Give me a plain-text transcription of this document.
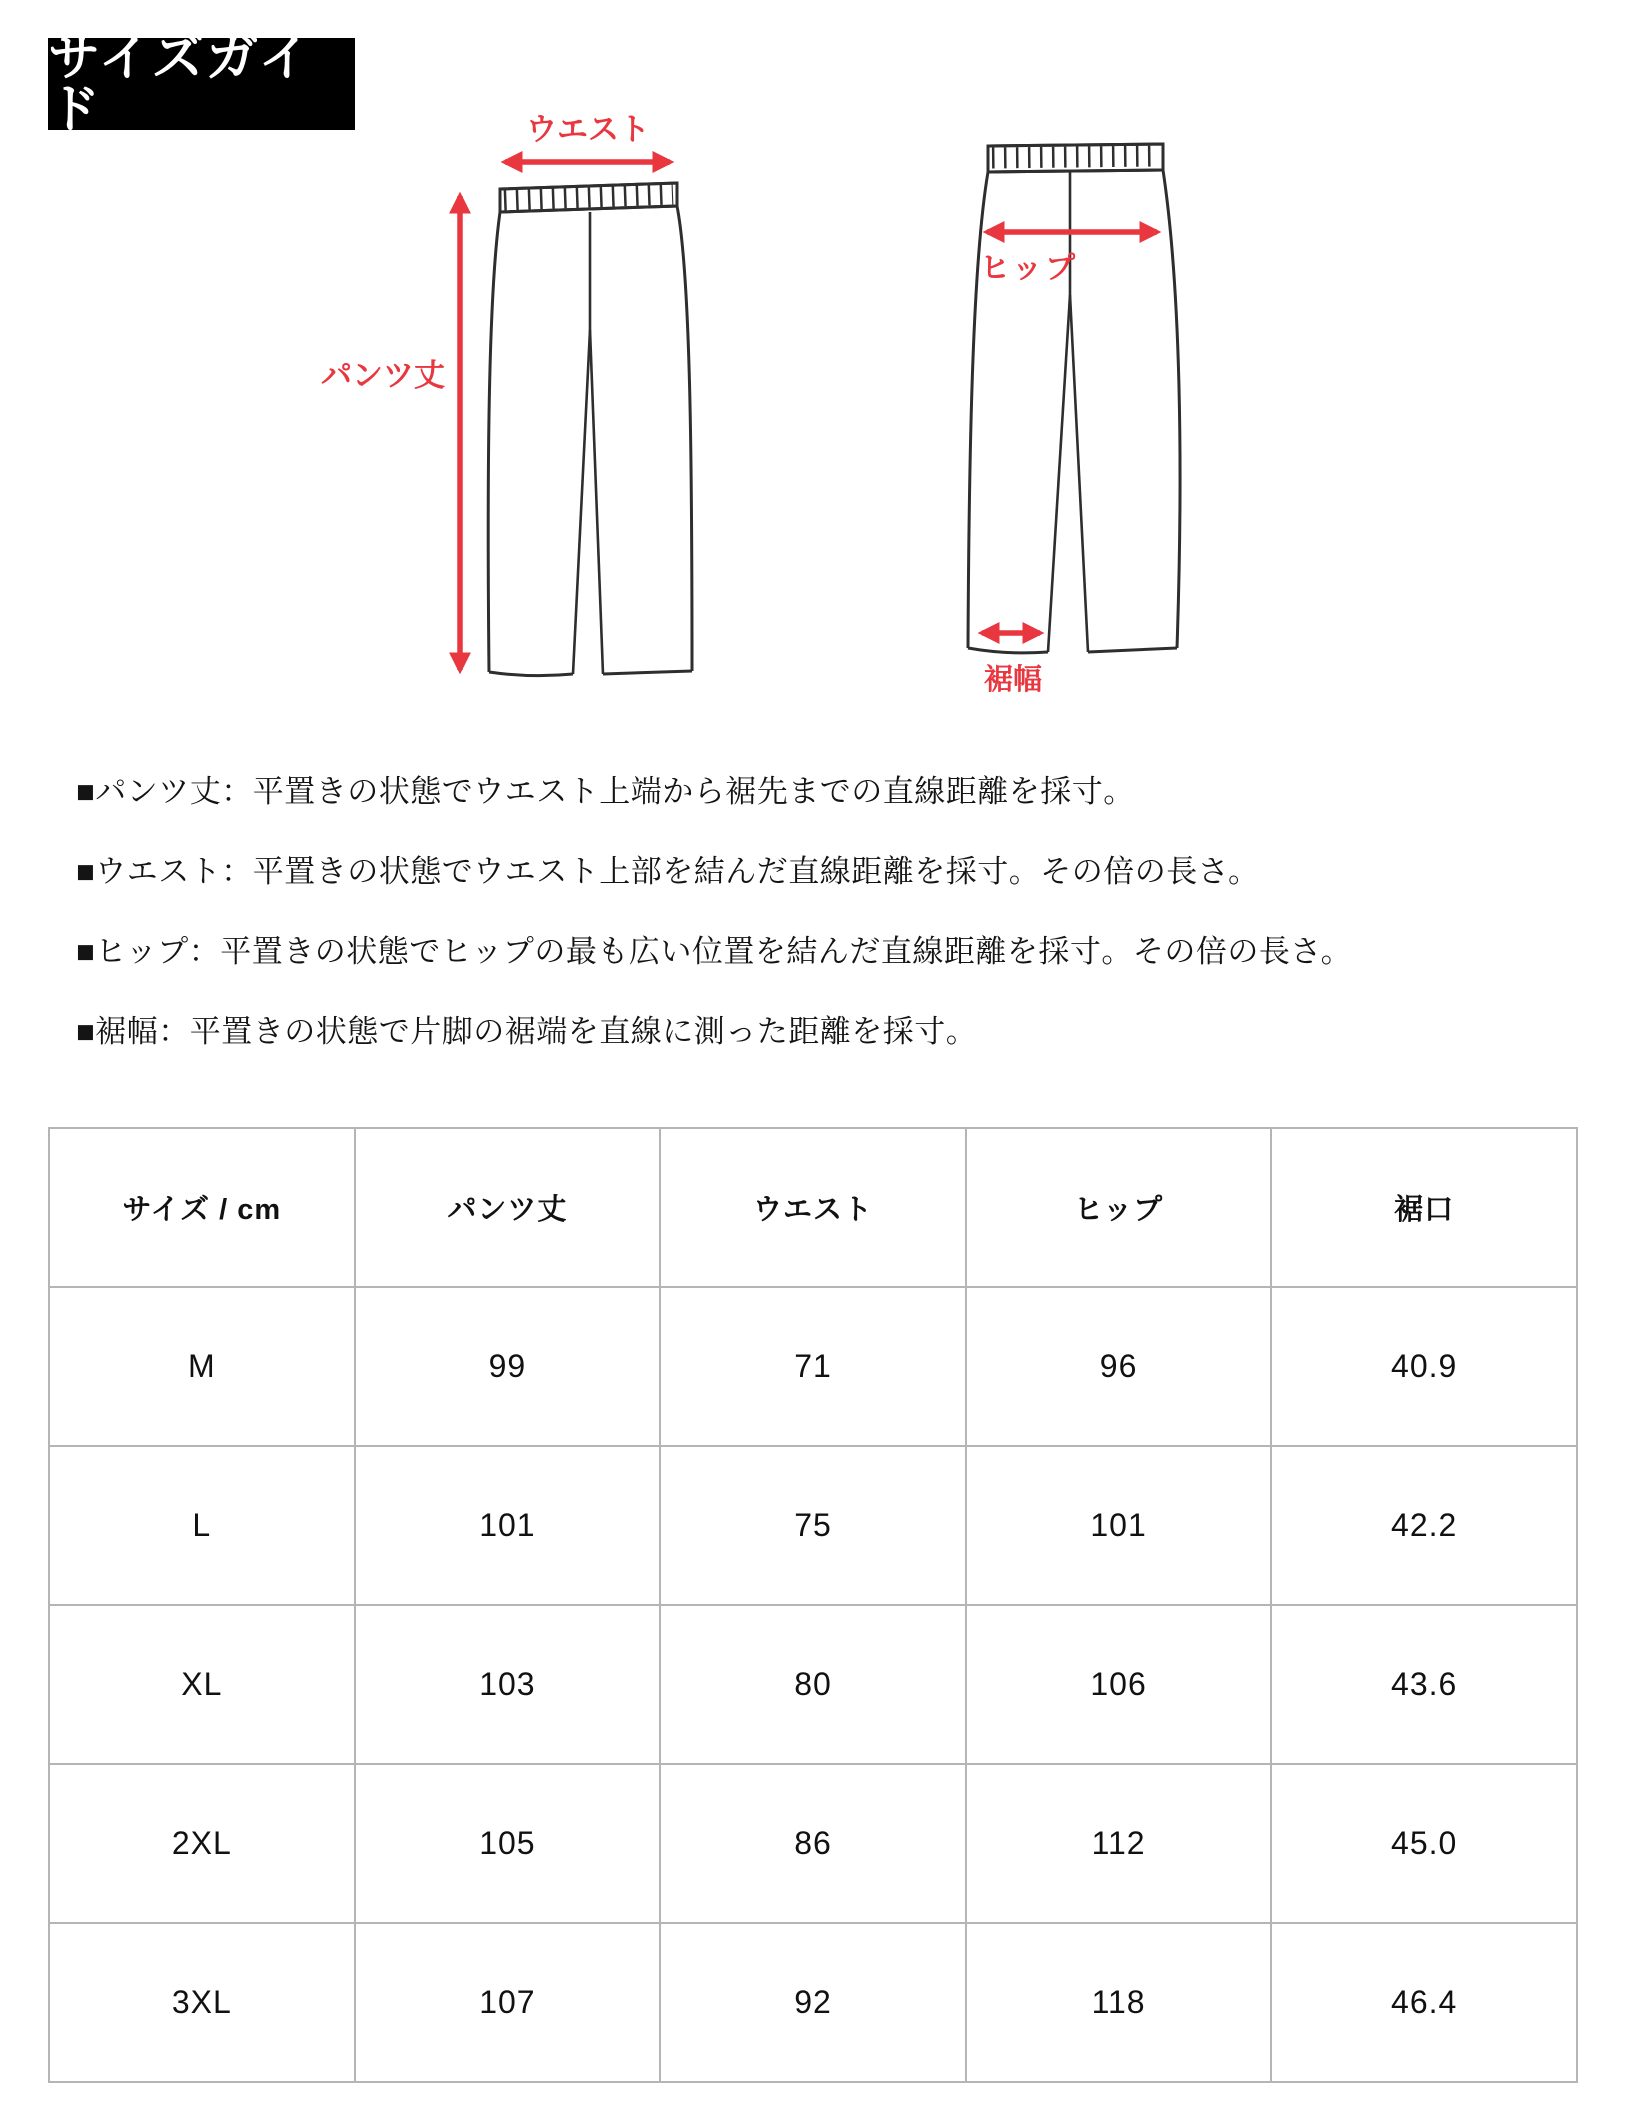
サイズガイド	ウエスト
パンツ丈
ヒップ
裾幅
■パンツ丈：平置きの状態でウエスト上端から裾先までの直線距離を採寸。
■ウエスト：平置きの状態でウエスト上部を結んだ直線距離を採寸。その倍の長さ。
■ヒップ：平置きの状態でヒップの最も広い位置を結んだ直線距離を採寸。その倍の長さ。
■裾幅：平置きの状態で片脚の裾端を直線に測った距離を採寸。
サイズ / cm	パンツ丈	ウエスト	ヒップ	裾口
M	99	71	96	40.9
L	101	75	101	42.2
XL	103	80	106	43.6
2XL	105	86	112	45.0
3XL	107	92	118	46.4
